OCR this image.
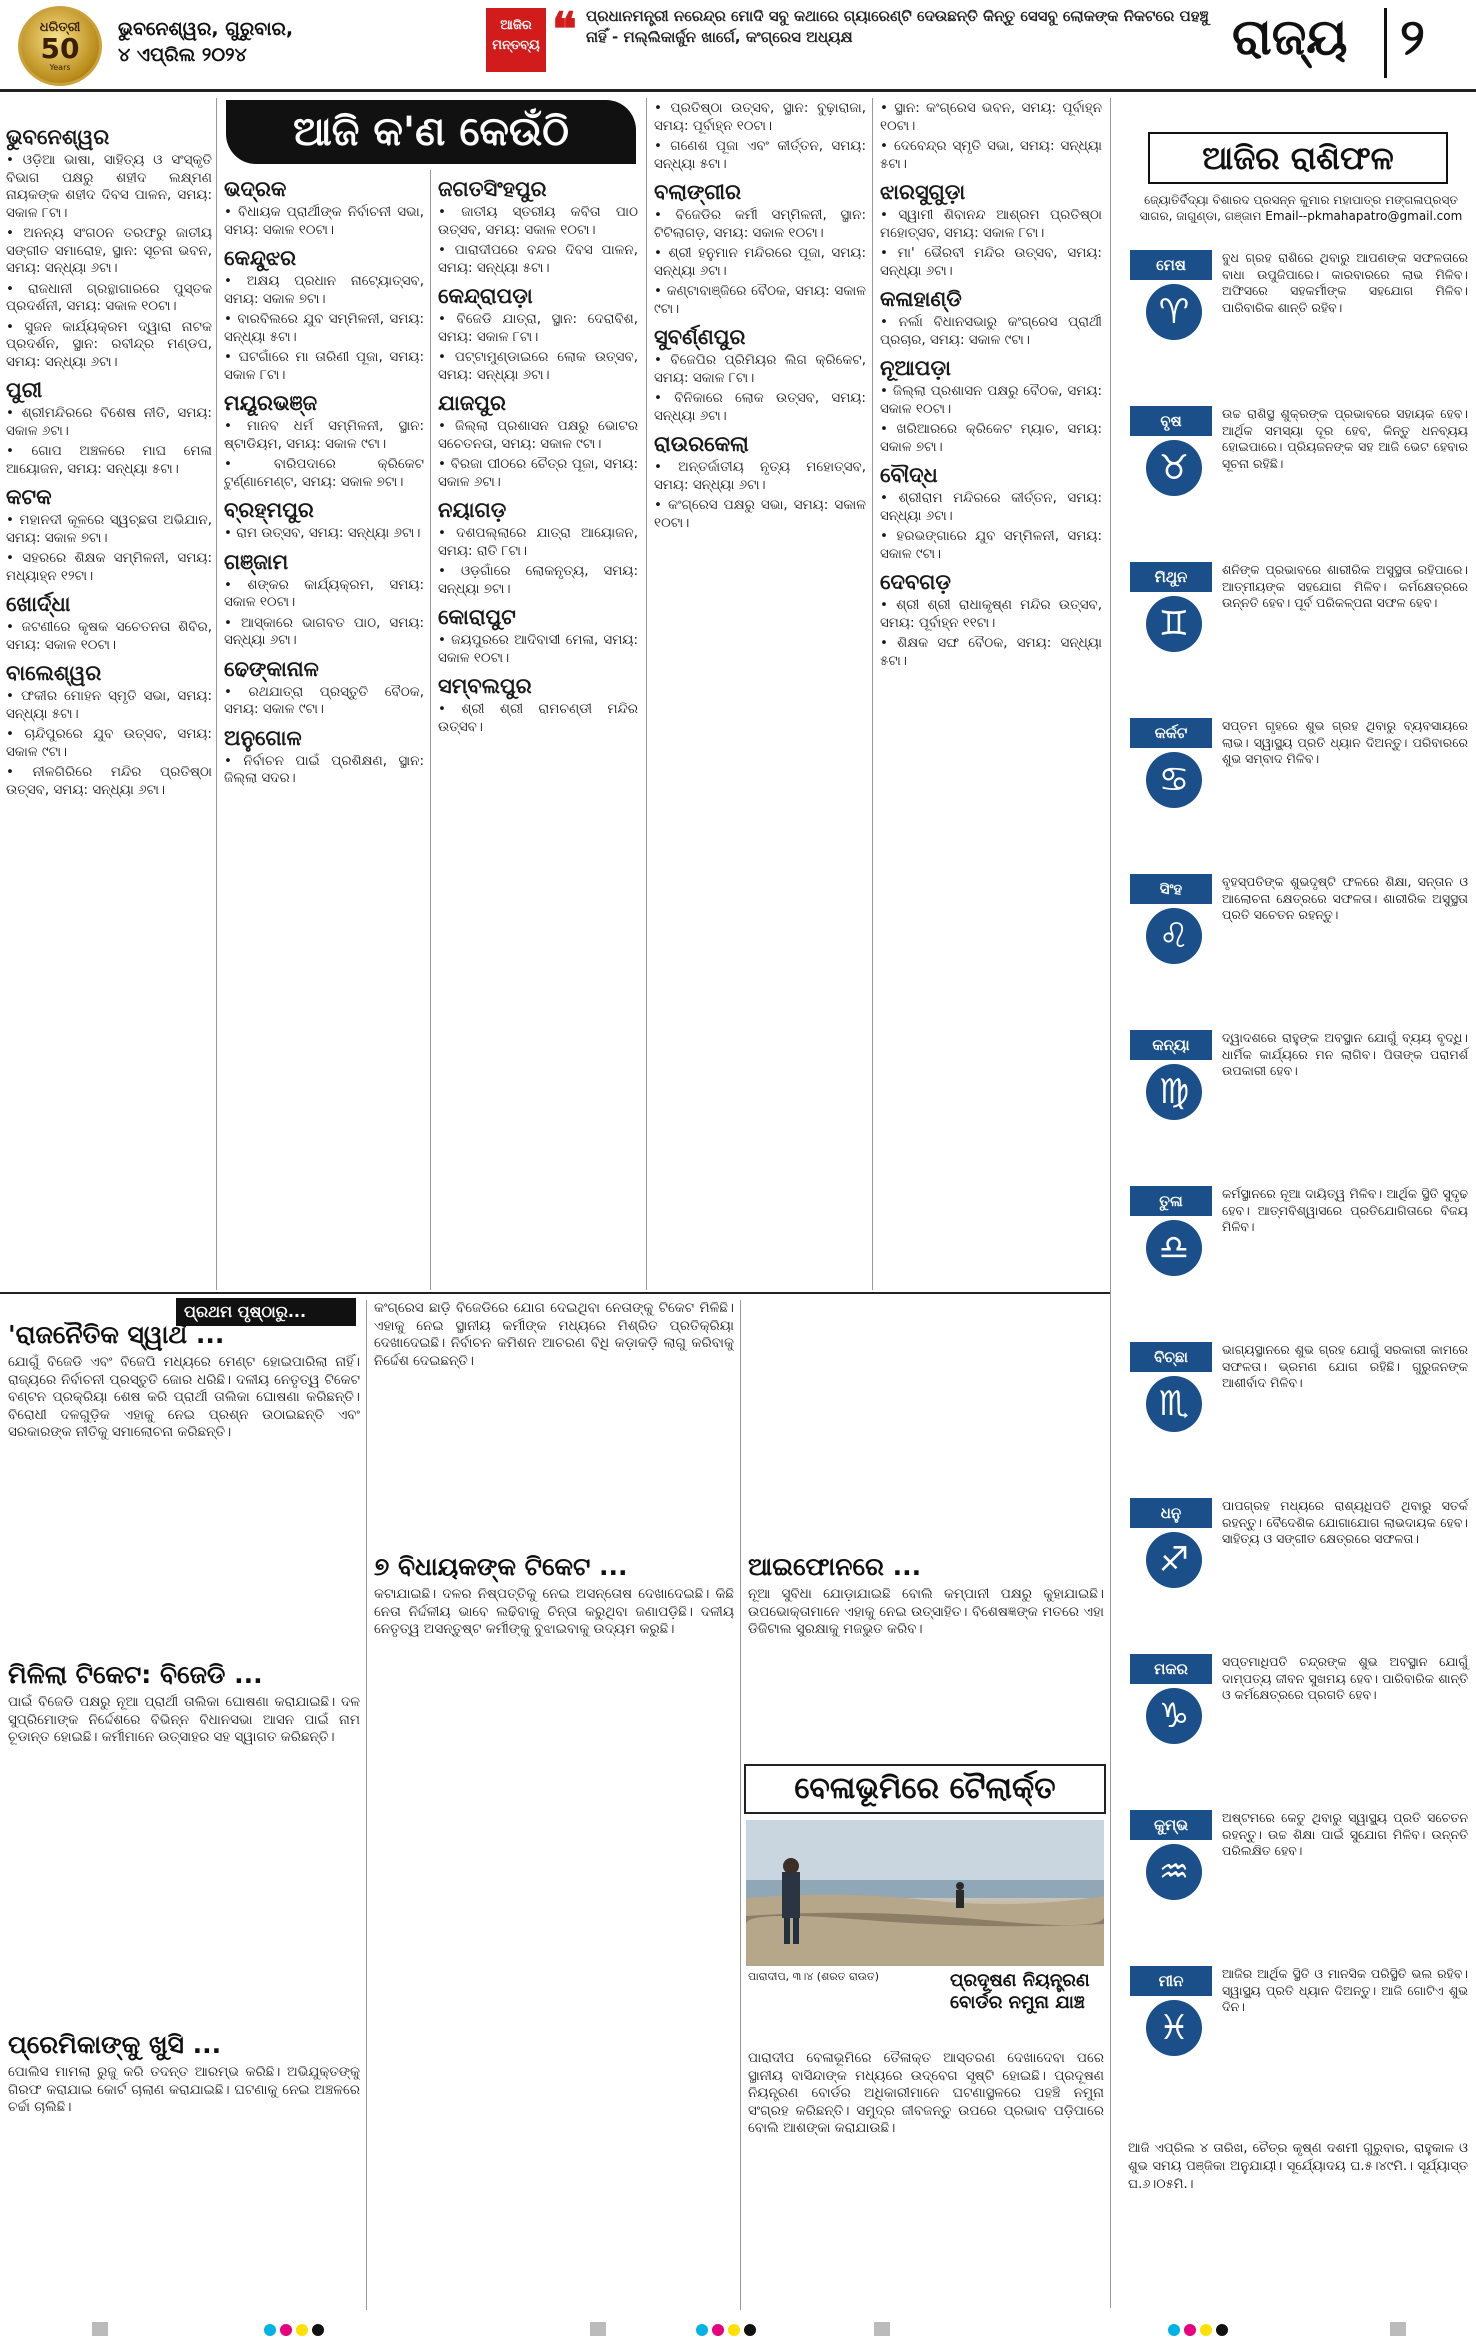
ଧରିତ୍ରୀ
50
Years
ଭୁବନେଶ୍ୱର, ଗୁରୁବାର,
୪ ଏପ୍ରିଲ ୨୦୨୪
ଆଜିର
ମନ୍ତବ୍ୟ ❝ ପ୍ରଧାନମନ୍ତ୍ରୀ ନରେନ୍ଦ୍ର ମୋଦି ସବୁ କଥାରେ ଗ୍ୟାରେଣ୍ଟି ଦେଉଛନ୍ତି କିନ୍ତୁ ସେସବୁ ଲୋକଙ୍କ ନିକଟରେ ପହଞ୍ଚୁ ନାହିଁ - ମଲ୍ଲିକାର୍ଜୁନ ଖାର୍ଗେ, କଂଗ୍ରେସ ଅଧ୍ୟକ୍ଷ	ରାଜ୍ୟ ୨
ଆଜି କ'ଣ କେଉଁଠି
ଭୁବନେଶ୍ୱର

• ଓଡ଼ିଆ ଭାଷା, ସାହିତ୍ୟ ଓ ସଂସ୍କୃତି ବିଭାଗ ପକ୍ଷରୁ ଶହୀଦ ଲକ୍ଷ୍ମଣ ନାୟକଙ୍କ ଶହୀଦ ଦିବସ ପାଳନ, ସମୟ: ସକାଳ ୮ଟା।

• ଅନନ୍ୟ ସଂଗଠନ ତରଫରୁ ଜାତୀୟ ସଙ୍ଗୀତ ସମାରୋହ, ସ୍ଥାନ: ସୂଚନା ଭବନ, ସମୟ: ସନ୍ଧ୍ୟା ୬ଟା।

• ରାଜଧାନୀ ଗ୍ରନ୍ଥାଗାରରେ ପୁସ୍ତକ ପ୍ରଦର୍ଶନୀ, ସମୟ: ସକାଳ ୧୦ଟା।

• ସୁଜନ କାର୍ଯ୍ୟକ୍ରମ ଦ୍ୱାରା ନାଟକ ପ୍ରଦର୍ଶନ, ସ୍ଥାନ: ରବୀନ୍ଦ୍ର ମଣ୍ଡପ, ସମୟ: ସନ୍ଧ୍ୟା ୬ଟା।

ପୁରୀ

• ଶ୍ରୀମନ୍ଦିରରେ ବିଶେଷ ନୀତି, ସମୟ: ସକାଳ ୬ଟା।

• ଗୋପ ଅଞ୍ଚଳରେ ମାଘ ମେଳା ଆୟୋଜନ, ସମୟ: ସନ୍ଧ୍ୟା ୫ଟା।

କଟକ

• ମହାନଦୀ କୂଳରେ ସ୍ୱଚ୍ଛତା ଅଭିଯାନ, ସମୟ: ସକାଳ ୭ଟା।

• ସହରରେ ଶିକ୍ଷକ ସମ୍ମିଳନୀ, ସମୟ: ମଧ୍ୟାହ୍ନ ୧୨ଟା।

ଖୋର୍ଦ୍ଧା

• ଜଟଣୀରେ କୃଷକ ସଚେତନତା ଶିବିର, ସମୟ: ସକାଳ ୧୦ଟା।

ବାଲେଶ୍ୱର

• ଫକୀର ମୋହନ ସ୍ମୃତି ସଭା, ସମୟ: ସନ୍ଧ୍ୟା ୫ଟା।

• ଚାନ୍ଦିପୁରରେ ଯୁବ ଉତ୍ସବ, ସମୟ: ସକାଳ ୯ଟା।

• ନୀଳଗିରିରେ ମନ୍ଦିର ପ୍ରତିଷ୍ଠା ଉତ୍ସବ, ସମୟ: ସନ୍ଧ୍ୟା ୬ଟା।

ଭଦ୍ରକ

• ବିଧାୟକ ପ୍ରାର୍ଥୀଙ୍କ ନିର୍ବାଚନୀ ସଭା, ସମୟ: ସକାଳ ୧୦ଟା।

କେନ୍ଦୁଝର

• ଅକ୍ଷୟ ପ୍ରଧାନ ନାଟ୍ୟୋତ୍ସବ, ସମୟ: ସକାଳ ୭ଟା।

• ବାରବିଲରେ ଯୁବ ସମ୍ମିଳନୀ, ସମୟ: ସନ୍ଧ୍ୟା ୫ଟା।

• ଘଟଗାଁରେ ମା ତାରିଣୀ ପୂଜା, ସମୟ: ସକାଳ ୮ଟା।

ମୟୂରଭଞ୍ଜ

• ମାନବ ଧର୍ମ ସମ୍ମିଳନୀ, ସ୍ଥାନ: ଷ୍ଟାଡିୟମ, ସମୟ: ସକାଳ ୯ଟା।

• ବାରିପଦାରେ କ୍ରିକେଟ ଟୁର୍ଣ୍ଣାମେଣ୍ଟ, ସମୟ: ସକାଳ ୭ଟା।

ବ୍ରହ୍ମପୁର

• ରାମ ଉତ୍ସବ, ସମୟ: ସନ୍ଧ୍ୟା ୬ଟା।

ଗଞ୍ଜାମ

• ଶଙ୍କର କାର୍ଯ୍ୟକ୍ରମ, ସମୟ: ସକାଳ ୧୦ଟା।

• ଆସ୍କାରେ ଭାଗବତ ପାଠ, ସମୟ: ସନ୍ଧ୍ୟା ୬ଟା।

ଢେଙ୍କାନାଳ

• ରଥଯାତ୍ରା ପ୍ରସ୍ତୁତି ବୈଠକ, ସମୟ: ସକାଳ ୯ଟା।

ଅନୁଗୋଳ

• ନିର୍ବାଚନ ପାଇଁ ପ୍ରଶିକ୍ଷଣ, ସ୍ଥାନ: ଜିଲ୍ଲା ସଦର।

ଜଗତସିଂହପୁର

• ଜାତୀୟ ସ୍ତରୀୟ କବିତା ପାଠ ଉତ୍ସବ, ସମୟ: ସକାଳ ୧୦ଟା।

• ପାରାଦୀପରେ ବନ୍ଦର ଦିବସ ପାଳନ, ସମୟ: ସନ୍ଧ୍ୟା ୫ଟା।

କେନ୍ଦ୍ରାପଡ଼ା

• ବିଜେଡି ଯାତ୍ରା, ସ୍ଥାନ: ଦେରାବିଶ, ସମୟ: ସକାଳ ୮ଟା।

• ପଟ୍ଟାମୁଣ୍ଡାଇରେ ଲୋକ ଉତ୍ସବ, ସମୟ: ସନ୍ଧ୍ୟା ୬ଟା।

ଯାଜପୁର

• ଜିଲ୍ଲା ପ୍ରଶାସନ ପକ୍ଷରୁ ଭୋଟର ସଚେତନତା, ସମୟ: ସକାଳ ୯ଟା।

• ବିରଜା ପୀଠରେ ଚୈତ୍ର ପୂଜା, ସମୟ: ସକାଳ ୬ଟା।

ନୟାଗଡ଼

• ଦଶପଲ୍ଲାରେ ଯାତ୍ରା ଆୟୋଜନ, ସମୟ: ରାତି ୮ଟା।

• ଓଡ଼ଗାଁରେ ଲୋକନୃତ୍ୟ, ସମୟ: ସନ୍ଧ୍ୟା ୭ଟା।

କୋରାପୁଟ

• ଜୟପୁରରେ ଆଦିବାସୀ ମେଳା, ସମୟ: ସକାଳ ୧୦ଟା।

ସମ୍ବଲପୁର

• ଶ୍ରୀ ଶ୍ରୀ ରାମଚଣ୍ଡୀ ମନ୍ଦିର ଉତ୍ସବ।

• ପ୍ରତିଷ୍ଠା ଉତ୍ସବ, ସ୍ଥାନ: ବୁଢ଼ାରାଜା, ସମୟ: ପୂର୍ବାହ୍ନ ୧୦ଟା।

• ଗଣେଶ ପୂଜା ଏବଂ କୀର୍ତ୍ତନ, ସମୟ: ସନ୍ଧ୍ୟା ୫ଟା।

ବଲାଙ୍ଗୀର

• ବିଜେଡିର କର୍ମୀ ସମ୍ମିଳନୀ, ସ୍ଥାନ: ଟିଟିଲାଗଡ଼, ସମୟ: ସକାଳ ୧୦ଟା।

• ଶ୍ରୀ ହନୁମାନ ମନ୍ଦିରରେ ପୂଜା, ସମୟ: ସନ୍ଧ୍ୟା ୬ଟା।

• କଣ୍ଟାବାଞ୍ଜିରେ ବୈଠକ, ସମୟ: ସକାଳ ୯ଟା।

ସୁବର୍ଣ୍ଣପୁର

• ବିଜେପିର ପ୍ରିମିୟର ଲିଗ କ୍ରିକେଟ, ସମୟ: ସକାଳ ୮ଟା।

• ବିନିକାରେ ଲୋକ ଉତ୍ସବ, ସମୟ: ସନ୍ଧ୍ୟା ୬ଟା।

ରାଉରକେଲା

• ଅନ୍ତର୍ଜାତୀୟ ନୃତ୍ୟ ମହୋତ୍ସବ, ସମୟ: ସନ୍ଧ୍ୟା ୬ଟା।

• କଂଗ୍ରେସ ପକ୍ଷରୁ ସଭା, ସମୟ: ସକାଳ ୧୦ଟା।

• ସ୍ଥାନ: କଂଗ୍ରେସ ଭବନ, ସମୟ: ପୂର୍ବାହ୍ନ ୧୦ଟା।

• ଦେବେନ୍ଦ୍ର ସ୍ମୃତି ସଭା, ସମୟ: ସନ୍ଧ୍ୟା ୫ଟା।

ଝାରସୁଗୁଡ଼ା

• ସ୍ୱାମୀ ଶିବାନନ୍ଦ ଆଶ୍ରମ ପ୍ରତିଷ୍ଠା ମହୋତ୍ସବ, ସମୟ: ସକାଳ ୮ଟା।

• ମା' ଭୈରବୀ ମନ୍ଦିର ଉତ୍ସବ, ସମୟ: ସନ୍ଧ୍ୟା ୬ଟା।

କଳାହାଣ୍ଡି

• ନର୍ଲା ବିଧାନସଭାରୁ କଂଗ୍ରେସ ପ୍ରାର୍ଥୀ ପ୍ରଚାର, ସମୟ: ସକାଳ ୯ଟା।

ନୂଆପଡ଼ା

• ଜିଲ୍ଲା ପ୍ରଶାସନ ପକ୍ଷରୁ ବୈଠକ, ସମୟ: ସକାଳ ୧୦ଟା।

• ଖରିଆରରେ କ୍ରିକେଟ ମ୍ୟାଚ, ସମୟ: ସକାଳ ୭ଟା।

ବୌଦ୍ଧ

• ଶ୍ରୀରାମ ମନ୍ଦିରରେ କୀର୍ତ୍ତନ, ସମୟ: ସନ୍ଧ୍ୟା ୬ଟା।

• ହରଭଙ୍ଗାରେ ଯୁବ ସମ୍ମିଳନୀ, ସମୟ: ସକାଳ ୯ଟା।

ଦେବଗଡ଼

• ଶ୍ରୀ ଶ୍ରୀ ରାଧାକୃଷ୍ଣ ମନ୍ଦିର ଉତ୍ସବ, ସମୟ: ପୂର୍ବାହ୍ନ ୧୧ଟା।

• ଶିକ୍ଷକ ସଙ୍ଘ ବୈଠକ, ସମୟ: ସନ୍ଧ୍ୟା ୫ଟା।

ଆଜିର ରାଶିଫଳ
ଜ୍ୟୋତିର୍ବିଦ୍ୟା ବିଶାରଦ ପ୍ରସନ୍ନ କୁମାର ମହାପାତ୍ର ମଙ୍ଗଳାପ୍ରସ୍ତ ସାଗର, ଜାଗୁଣ୍ଡା, ଗଞ୍ଜାମ Email--pkmahapatro@gmail.com
ମେଷ
♈
ବୁଧ ଗ୍ରହ ରାଶିରେ ଥିବାରୁ ଆପଣଙ୍କ ସଫଳତାରେ ବାଧା ଉପୁଜିପାରେ। କାରବାରରେ ଲାଭ ମିଳିବ। ଅଫିସରେ ସହକର୍ମୀଙ୍କ ସହଯୋଗ ମିଳିବ। ପାରିବାରିକ ଶାନ୍ତି ରହିବ।
ବୃଷ
♉
ଉଚ୍ଚ ରାଶିସ୍ଥ ଶୁକ୍ରଙ୍କ ପ୍ରଭାବରେ ସହାୟକ ହେବ। ଆର୍ଥିକ ସମସ୍ୟା ଦୂର ହେବ, କିନ୍ତୁ ଧନବ୍ୟୟ ହୋଇପାରେ। ପ୍ରିୟଜନଙ୍କ ସହ ଆଜି ଭେଟ ହେବାର ସୂଚନା ରହିଛି।
ମିଥୁନ
♊
ଶନିଙ୍କ ପ୍ରଭାବରେ ଶାରୀରିକ ଅସୁସ୍ଥତା ରହିପାରେ। ଆତ୍ମୀୟଙ୍କ ସହଯୋଗ ମିଳିବ। କର୍ମକ୍ଷେତ୍ରରେ ଉନ୍ନତି ହେବ। ପୂର୍ବ ପରିକଳ୍ପନା ସଫଳ ହେବ।
କର୍କଟ
♋
ସପ୍ତମ ଗୃହରେ ଶୁଭ ଗ୍ରହ ଥିବାରୁ ବ୍ୟବସାୟରେ ଲାଭ। ସ୍ୱାସ୍ଥ୍ୟ ପ୍ରତି ଧ୍ୟାନ ଦିଅନ୍ତୁ। ପରିବାରରେ ଶୁଭ ସମ୍ବାଦ ମିଳିବ।
ସିଂହ
♌
ବୃହସ୍ପତିଙ୍କ ଶୁଭଦୃଷ୍ଟି ଫଳରେ ଶିକ୍ଷା, ସନ୍ତାନ ଓ ଆଲୋଚନା କ୍ଷେତ୍ରରେ ସଫଳତା। ଶାରୀରିକ ଅସୁସ୍ଥତା ପ୍ରତି ସଚେତନ ରହନ୍ତୁ।
କନ୍ୟା
♍
ଦ୍ୱାଦଶରେ ରାହୁଙ୍କ ଅବସ୍ଥାନ ଯୋଗୁଁ ବ୍ୟୟ ବୃଦ୍ଧି। ଧାର୍ମିକ କାର୍ଯ୍ୟରେ ମନ ଲାଗିବ। ପିତାଙ୍କ ପରାମର୍ଶ ଉପକାରୀ ହେବ।
ତୁଳା
♎
କର୍ମସ୍ଥାନରେ ନୂଆ ଦାୟିତ୍ୱ ମିଳିବ। ଆର୍ଥିକ ସ୍ଥିତି ସୁଦୃଢ ହେବ। ଆତ୍ମବିଶ୍ୱାସରେ ପ୍ରତିଯୋଗିତାରେ ବିଜୟ ମିଳିବ।
ବିଚ୍ଛା
♏
ଭାଗ୍ୟସ୍ଥାନରେ ଶୁଭ ଗ୍ରହ ଯୋଗୁଁ ସରକାରୀ କାମରେ ସଫଳତା। ଭ୍ରମଣ ଯୋଗ ରହିଛି। ଗୁରୁଜନଙ୍କ ଆଶୀର୍ବାଦ ମିଳିବ।
ଧନୁ
♐
ପାପଗ୍ରହ ମଧ୍ୟରେ ରାଶ୍ୟଧିପତି ଥିବାରୁ ସତର୍କ ରହନ୍ତୁ। ବୈଦେଶିକ ଯୋଗାଯୋଗ ଲାଭଦାୟକ ହେବ। ସାହିତ୍ୟ ଓ ସଙ୍ଗୀତ କ୍ଷେତ୍ରରେ ସଫଳତା।
ମକର
♑
ସପ୍ତମାଧିପତି ଚନ୍ଦ୍ରଙ୍କ ଶୁଭ ଅବସ୍ଥାନ ଯୋଗୁଁ ଦାମ୍ପତ୍ୟ ଜୀବନ ସୁଖମୟ ହେବ। ପାରିବାରିକ ଶାନ୍ତି ଓ କର୍ମକ୍ଷେତ୍ରରେ ପ୍ରଗତି ହେବ।
କୁମ୍ଭ
♒
ଅଷ୍ଟମରେ କେତୁ ଥିବାରୁ ସ୍ୱାସ୍ଥ୍ୟ ପ୍ରତି ସଚେତନ ରହନ୍ତୁ। ଉଚ୍ଚ ଶିକ୍ଷା ପାଇଁ ସୁଯୋଗ ମିଳିବ। ଉନ୍ନତି ପରିଲକ୍ଷିତ ହେବ।
ମୀନ
♓
ଆଜିର ଆର୍ଥିକ ସ୍ଥିତି ଓ ମାନସିକ ପରିସ୍ଥିତି ଭଲ ରହିବ। ସ୍ୱାସ୍ଥ୍ୟ ପ୍ରତି ଧ୍ୟାନ ଦିଅନ୍ତୁ। ଆଜି ଗୋଟିଏ ଶୁଭ ଦିନ।
ଆଜି ଏପ୍ରିଲ ୪ ତାରିଖ, ଚୈତ୍ର କୃଷ୍ଣ ଦଶମୀ ଗୁରୁବାର, ରାହୁକାଳ ଓ ଶୁଭ ସମୟ ପଞ୍ଜିକା ଅନୁଯାୟୀ। ସୂର୍ଯ୍ୟୋଦୟ ଘ.୫।୪୯ମି.। ସୂର୍ଯ୍ୟାସ୍ତ ଘ.୬।୦୫ମି.।
ପ୍ରଥମ ପୃଷ୍ଠାରୁ...
'ରାଜନୈତିକ ସ୍ୱାର୍ଥ ...
ଯୋଗୁଁ ବିଜେଡି ଏବଂ ବିଜେପି ମଧ୍ୟରେ ମେଣ୍ଟ ହୋଇପାରିଲା ନାହିଁ। ରାଜ୍ୟରେ ନିର୍ବାଚନୀ ପ୍ରସ୍ତୁତି ଜୋର ଧରିଛି। ଦଳୀୟ ନେତୃତ୍ୱ ଟିକେଟ ବଣ୍ଟନ ପ୍ରକ୍ରିୟା ଶେଷ କରି ପ୍ରାର୍ଥୀ ତାଲିକା ଘୋଷଣା କରିଛନ୍ତି। ବିରୋଧୀ ଦଳଗୁଡ଼ିକ ଏହାକୁ ନେଇ ପ୍ରଶ୍ନ ଉଠାଇଛନ୍ତି ଏବଂ ସରକାରଙ୍କ ନୀତିକୁ ସମାଲୋଚନା କରିଛନ୍ତି।
ମିଳିଲା ଟିକେଟ: ବିଜେଡି ...
ପାଇଁ ବିଜେଡି ପକ୍ଷରୁ ନୂଆ ପ୍ରାର୍ଥୀ ତାଲିକା ଘୋଷଣା କରାଯାଇଛି। ଦଳ ସୁପ୍ରିମୋଙ୍କ ନିର୍ଦ୍ଦେଶରେ ବିଭିନ୍ନ ବିଧାନସଭା ଆସନ ପାଇଁ ନାମ ଚୂଡାନ୍ତ ହୋଇଛି। କର୍ମୀମାନେ ଉତ୍ସାହର ସହ ସ୍ୱାଗତ କରିଛନ୍ତି।
ପ୍ରେମିକାଙ୍କୁ ଖୁସି ...
ପୋଲିସ ମାମଲା ରୁଜୁ କରି ତଦନ୍ତ ଆରମ୍ଭ କରିଛି। ଅଭିଯୁକ୍ତଙ୍କୁ ଗିରଫ କରାଯାଇ କୋର୍ଟ ଚାଲାଣ କରାଯାଇଛି। ଘଟଣାକୁ ନେଇ ଅଞ୍ଚଳରେ ଚର୍ଚ୍ଚା ଚାଲିଛି।
କଂଗ୍ରେସ ଛାଡ଼ି ବିଜେଡିରେ ଯୋଗ ଦେଇଥିବା ନେତାଙ୍କୁ ଟିକେଟ ମିଳିଛି। ଏହାକୁ ନେଇ ସ୍ଥାନୀୟ କର୍ମୀଙ୍କ ମଧ୍ୟରେ ମିଶ୍ରିତ ପ୍ରତିକ୍ରିୟା ଦେଖାଦେଇଛି। ନିର୍ବାଚନ କମିଶନ ଆଚରଣ ବିଧି କଡ଼ାକଡ଼ି ଲାଗୁ କରିବାକୁ ନିର୍ଦ୍ଦେଶ ଦେଇଛନ୍ତି।
୭ ବିଧାୟକଙ୍କ ଟିକେଟ ...
କଟାଯାଇଛି। ଦଳର ନିଷ୍ପତ୍ତିକୁ ନେଇ ଅସନ୍ତୋଷ ଦେଖାଦେଇଛି। କିଛି ନେତା ନିର୍ଦ୍ଦଳୀୟ ଭାବେ ଲଢିବାକୁ ଚିନ୍ତା କରୁଥିବା ଜଣାପଡ଼ିଛି। ଦଳୀୟ ନେତୃତ୍ୱ ଅସନ୍ତୁଷ୍ଟ କର୍ମୀଙ୍କୁ ବୁଝାଇବାକୁ ଉଦ୍ୟମ କରୁଛି।
ଆଇଫୋନରେ ...
ନୂଆ ସୁବିଧା ଯୋଡ଼ାଯାଇଛି ବୋଲି କମ୍ପାନୀ ପକ୍ଷରୁ କୁହାଯାଇଛି। ଉପଭୋକ୍ତାମାନେ ଏହାକୁ ନେଇ ଉତ୍ସାହିତ। ବିଶେଷଜ୍ଞଙ୍କ ମତରେ ଏହା ଡିଜିଟାଲ ସୁରକ୍ଷାକୁ ମଜଭୁତ କରିବ।
ବେଳାଭୂମିରେ ଟୈଲାର୍କ୍ତ
ପାରାଦୀପ, ୩।୪ (ଶରତ ରାଉତ)	ପ୍ରଦୂଷଣ ନିୟନ୍ତ୍ରଣ ବୋର୍ଡର ନମୁନା ଯାଞ୍ଚ
ପାରାଦୀପ ବେଳାଭୂମିରେ ତୈଳାକ୍ତ ଆସ୍ତରଣ ଦେଖାଦେବା ପରେ ସ୍ଥାନୀୟ ବାସିନ୍ଦାଙ୍କ ମଧ୍ୟରେ ଉଦ୍‌ବେଗ ସୃଷ୍ଟି ହୋଇଛି। ପ୍ରଦୂଷଣ ନିୟନ୍ତ୍ରଣ ବୋର୍ଡର ଅଧିକାରୀମାନେ ଘଟଣାସ୍ଥଳରେ ପହଞ୍ଚି ନମୁନା ସଂଗ୍ରହ କରିଛନ୍ତି। ସମୁଦ୍ର ଜୀବଜନ୍ତୁ ଉପରେ ପ୍ରଭାବ ପଡ଼ିପାରେ ବୋଲି ଆଶଙ୍କା କରାଯାଉଛି।
